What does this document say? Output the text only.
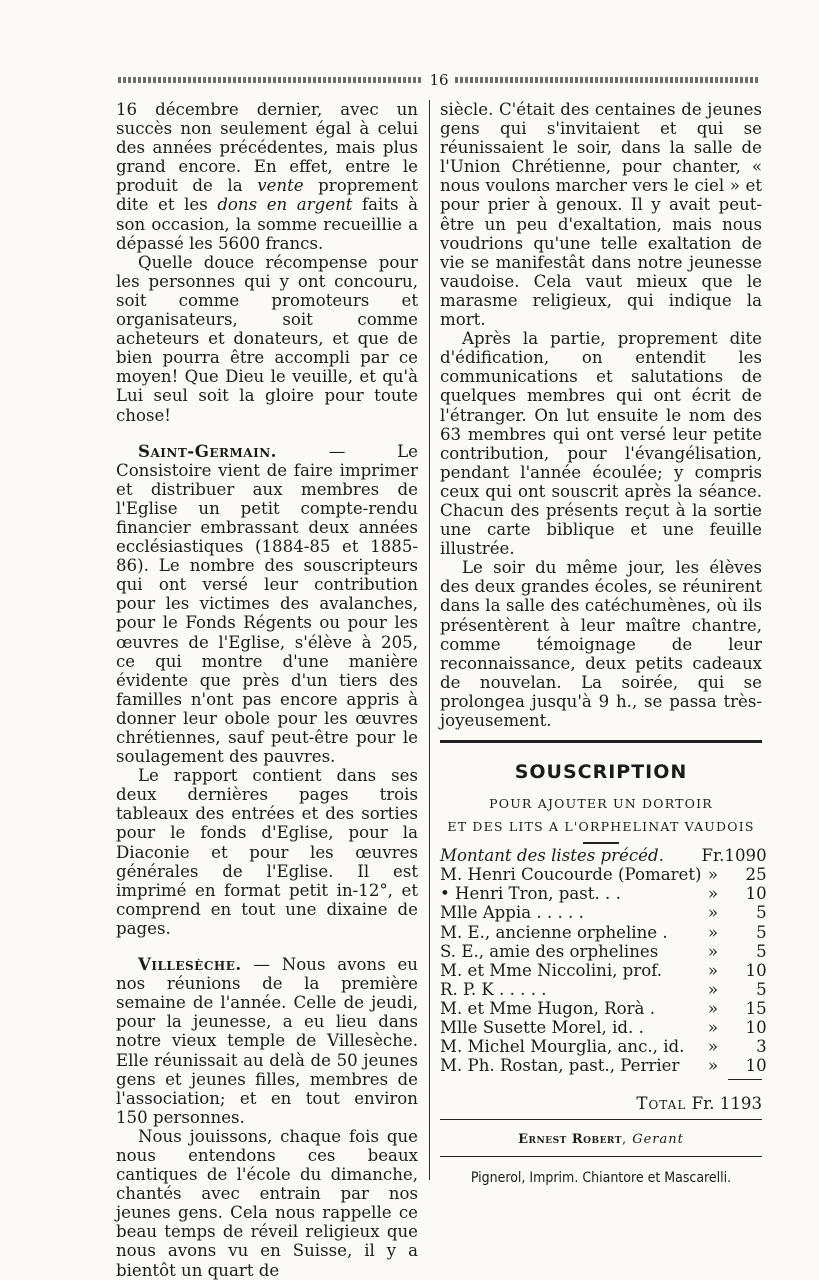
16

16 décembre dernier, avec un succès non seulement égal à celui des années précédentes, mais plus grand encore. En effet, entre le produit de la vente proprement dite et les dons en argent faits à son occasion, la somme recueillie a dépassé les 5600 francs.

Quelle douce récompense pour les personnes qui y ont concouru, soit comme promoteurs et organisateurs, soit comme acheteurs et donateurs, et que de bien pourra être accompli par ce moyen! Que Dieu le veuille, et qu'à Lui seul soit la gloire pour toute chose!

Saint-Germain. — Le Consistoire vient de faire imprimer et distribuer aux membres de l'Eglise un petit compte-rendu financier embrassant deux années ecclésiastiques (1884-85 et 1885-86). Le nombre des souscripteurs qui ont versé leur contribution pour les victimes des avalanches, pour le Fonds Régents ou pour les œuvres de l'Eglise, s'élève à 205, ce qui montre d'une manière évidente que près d'un tiers des familles n'ont pas encore appris à donner leur obole pour les œuvres chrétiennes, sauf peut-être pour le soulagement des pauvres.

Le rapport contient dans ses deux dernières pages trois tableaux des entrées et des sorties pour le fonds d'Eglise, pour la Diaconie et pour les œuvres générales de l'Eglise. Il est imprimé en format petit in-12°, et comprend en tout une dixaine de pages.

Villesèche. — Nous avons eu nos réunions de la première semaine de l'année. Celle de jeudi, pour la jeunesse, a eu lieu dans notre vieux temple de Villesèche. Elle réunissait au delà de 50 jeunes gens et jeunes filles, membres de l'association; et en tout environ 150 personnes.

Nous jouissons, chaque fois que nous entendons ces beaux cantiques de l'école du dimanche, chantés avec entrain par nos jeunes gens. Cela nous rappelle ce beau temps de réveil religieux que nous avons vu en Suisse, il y a bientôt un quart de

siècle. C'était des centaines de jeunes gens qui s'invitaient et qui se réunissaient le soir, dans la salle de l'Union Chrétienne, pour chanter, « nous voulons marcher vers le ciel » et pour prier à genoux. Il y avait peut-être un peu d'exaltation, mais nous voudrions qu'une telle exaltation de vie se manifestât dans notre jeunesse vaudoise. Cela vaut mieux que le marasme religieux, qui indique la mort.

Après la partie, proprement dite d'édification, on entendit les communications et salutations de quelques membres qui ont écrit de l'étranger. On lut ensuite le nom des 63 membres qui ont versé leur petite contribution, pour l'évangélisation, pendant l'année écoulée; y compris ceux qui ont souscrit après la séance. Chacun des présents reçut à la sortie une carte biblique et une feuille illustrée.

Le soir du même jour, les élèves des deux grandes écoles, se réunirent dans la salle des catéchumènes, où ils présentèrent à leur maître chantre, comme témoignage de leur reconnaissance, deux petits cadeaux de nouvelan. La soirée, qui se prolongea jusqu'à 9 h., se passa très-joyeusement.

SOUSCRIPTION
POUR AJOUTER UN DORTOIR
ET DES LITS A L'ORPHELINAT VAUDOIS
Montant des listes précéd.	Fr.	1090
M. Henri Coucourde (Pomaret)	»	25
• Henri Tron, past. . .	»	10
Mlle Appia . . . . .	»	5
M. E., ancienne orpheline .	»	5
S. E., amie des orphelines	»	5
M. et Mme Niccolini, prof.	»	10
R. P. K . . . . .	»	5
M. et Mme Hugon, Rorà .	»	15
Mlle Susette Morel, id. .	»	10
M. Michel Mourglia, anc., id.	»	3
M. Ph. Rostan, past., Perrier	»	10
Total Fr. 1193
Ernest Robert, Gerant
Pignerol, Imprim. Chiantore et Mascarelli.
